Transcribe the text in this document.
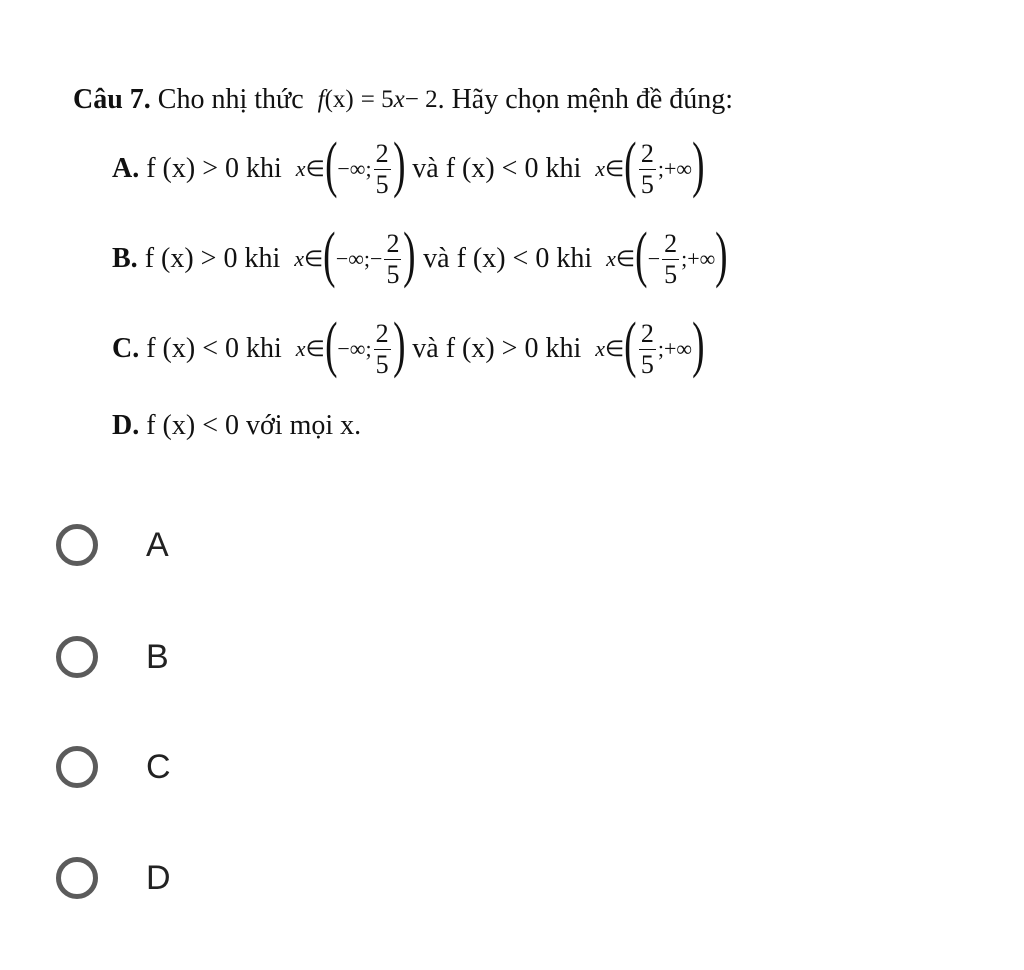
Câu 7. Cho nhị thức f (x) = 5 x − 2 . Hãy chọn mệnh đề đúng:
A. f (x) > 0 khi x ∈ ( −∞; $\frac{2}{5}$ ) và f (x) < 0 khi x ∈ ( $\frac{2}{5}$ ;+∞ )
B. f (x) > 0 khi x ∈ ( −∞;− $\frac{2}{5}$ ) và f (x) < 0 khi x ∈ ( − $\frac{2}{5}$ ;+∞ )
C. f (x) < 0 khi x ∈ ( −∞; $\frac{2}{5}$ ) và f (x) > 0 khi x ∈ ( $\frac{2}{5}$ ;+∞ )
D. f (x) < 0 với mọi x.
A
B
C
D
